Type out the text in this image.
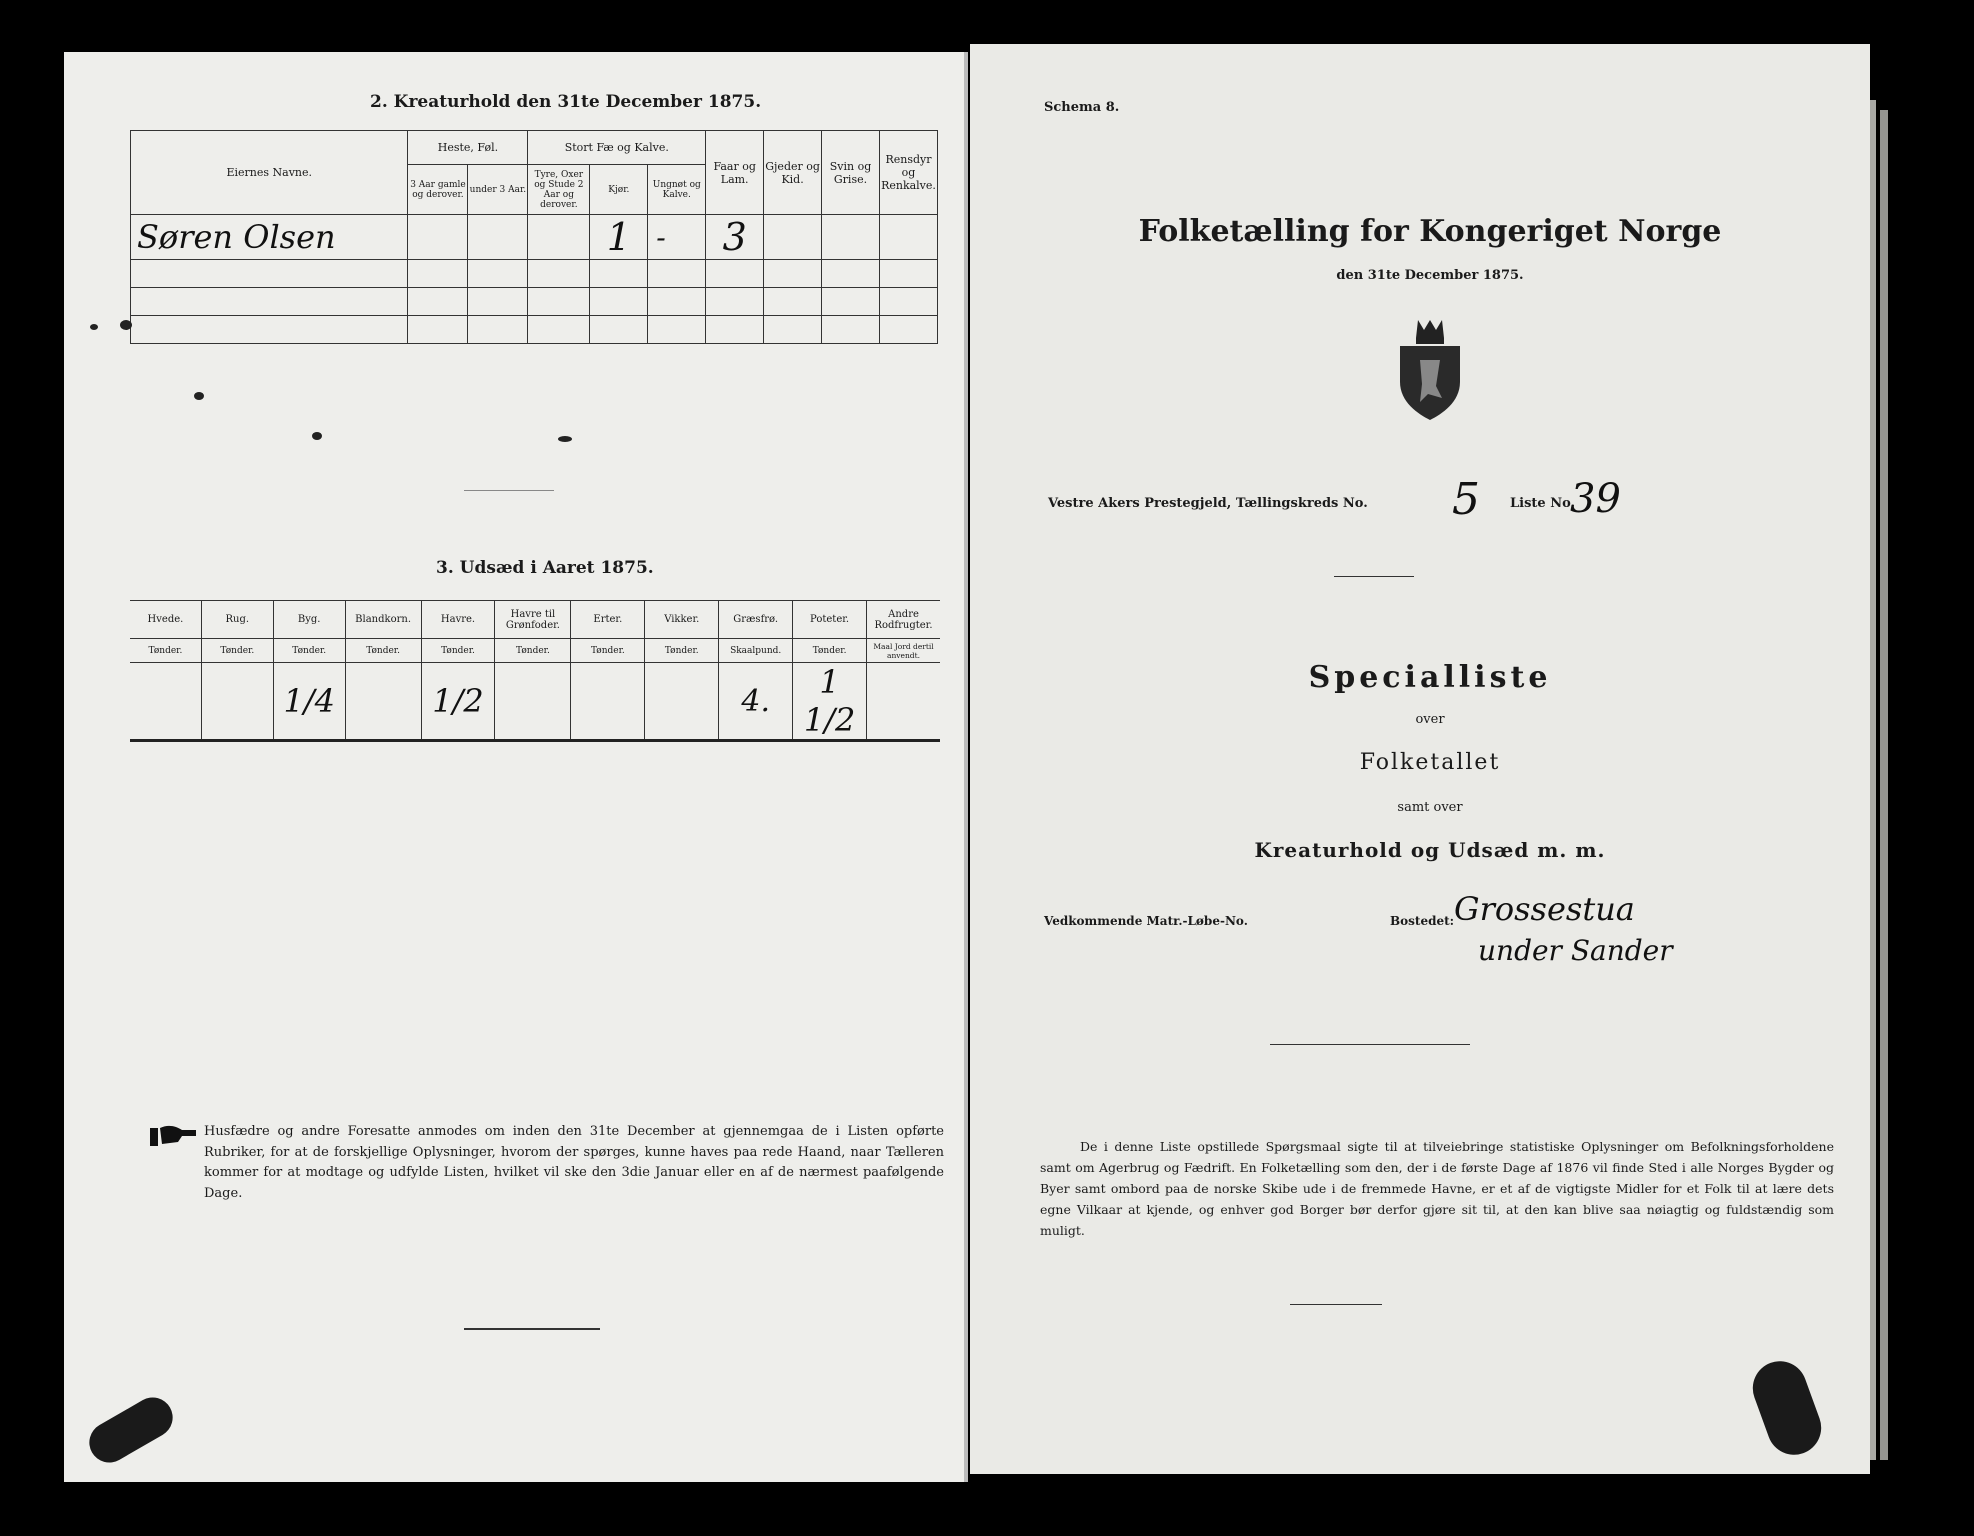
2. Kreaturhold den 31te December 1875.
Eiernes Navne.	Heste, Føl.		Stort Fæ og Kalve.			Faar og Lam.	Gjeder og Kid.	Svin og Grise.	Rensdyr og Renkalve.
	3 Aar gamle og derover.	under 3 Aar.	Tyre, Oxer og Stude 2 Aar og derover.	Kjør.	Ungnøt og Kalve.				
Søren Olsen				1	-	3			

3. Udsæd i Aaret 1875.
Hvede.	Rug.	Byg.	Blandkorn.	Havre.	Havre til Grønfoder.	Erter.	Vikker.	Græsfrø.	Poteter.	Andre Rodfrugter.
Tønder.	Tønder.	Tønder.	Tønder.	Tønder.	Tønder.	Tønder.	Tønder.	Skaalpund.	Tønder.	Maal Jord dertil anvendt.
		1/4		1/2				4.	1 1/2	
Husfædre og andre Foresatte anmodes om inden den 31te December at gjennemgaa de i Listen opførte Rubriker, for at de forskjellige Oplysninger, hvorom der spørges, kunne haves paa rede Haand, naar Tælleren kommer for at modtage og udfylde Listen, hvilket vil ske den 3die Januar eller en af de nærmest paafølgende Dage.
Schema 8.
Folketælling for Kongeriget Norge
den 31te December 1875.
Vestre Akers Prestegjeld, Tællingskreds No. 5 Liste No.
39
Specialliste
over
Folketallet
samt over
Kreaturhold og Udsæd m. m.
Vedkommende Matr.-Løbe-No.	Bostedet: Grossestua
under Sander
De i denne Liste opstillede Spørgsmaal sigte til at tilveiebringe statistiske Oplysninger om Befolkningsforholdene samt om Agerbrug og Fædrift. En Folketælling som den, der i de første Dage af 1876 vil finde Sted i alle Norges Bygder og Byer samt ombord paa de norske Skibe ude i de fremmede Havne, er et af de vigtigste Midler for et Folk til at lære dets egne Vilkaar at kjende, og enhver god Borger bør derfor gjøre sit til, at den kan blive saa nøiagtig og fuldstændig som muligt.
